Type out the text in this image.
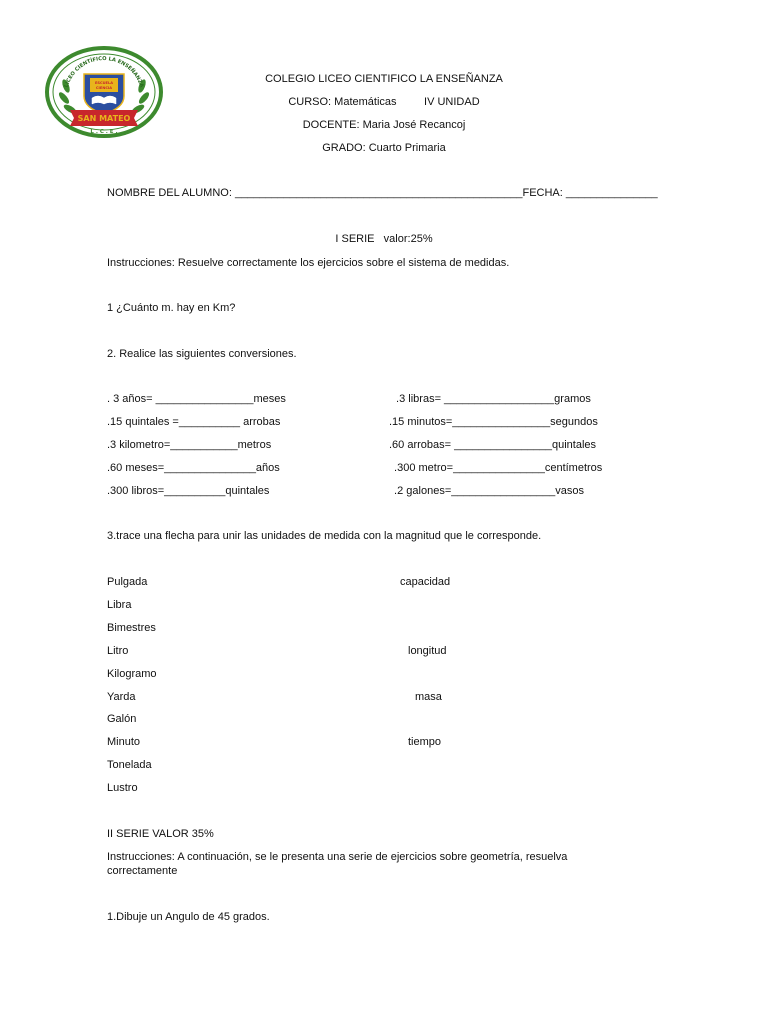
LICEO CIENTÍFICO LA ENSEÑANZA
ESCUELA
CIENCIA
SAN MATEO
L . C . E .
COLEGIO LICEO CIENTIFICO LA ENSEÑANZA
CURSO: Matemáticas         IV UNIDAD
DOCENTE: Maria José Recancoj
GRADO: Cuarto Primaria
NOMBRE DEL ALUMNO: _______________________________________________FECHA: _______________
I SERIE   valor:25%
Instrucciones: Resuelve correctamente los ejercicios sobre el sistema de medidas.
1 ¿Cuánto m. hay en Km?
2. Realice las siguientes conversiones.
. 3 años= ________________meses
.15 quintales =__________ arrobas
.3 kilometro=___________metros
.60 meses=_______________años
.300 libros=__________quintales
.3 libras= __________________gramos
.15 minutos=________________segundos
.60 arrobas= ________________quintales
.300 metro=_______________centímetros
.2 galones=_________________vasos
3.trace una flecha para unir las unidades de medida con la magnitud que le corresponde.
Pulgada
Libra
Bimestres
Litro
Kilogramo
Yarda
Galón
Minuto
Tonelada
Lustro
capacidad
longitud
masa
tiempo
II SERIE VALOR 35%
Instrucciones: A continuación, se le presenta una serie de ejercicios sobre geometría, resuelva
correctamente
1.Dibuje un Angulo de 45 grados.
